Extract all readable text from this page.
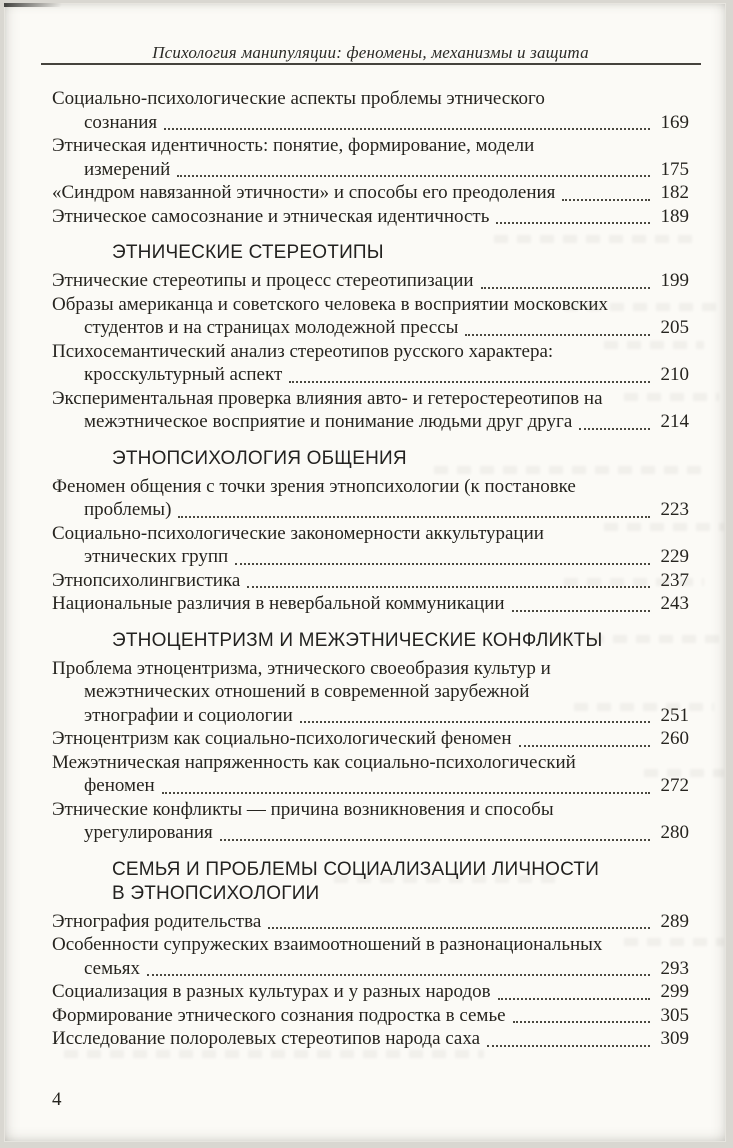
Психология манипуляции: феномены, механизмы и защита
Социально-психологические аспекты проблемы этнического
сознания	169
Этническая идентичность: понятие, формирование, модели
измерений	175
«Синдром навязанной этичности» и способы его преодоления	182
Этническое самосознание и этническая идентичность	189
ЭТНИЧЕСКИЕ СТЕРЕОТИПЫ
Этнические стереотипы и процесс стереотипизации	199
Образы американца и советского человека в восприятии московских
студентов и на страницах молодежной прессы	205
Психосемантический анализ стереотипов русского характера:
кросскультурный аспект	210
Экспериментальная проверка влияния авто- и гетеростереотипов на
межэтническое восприятие и понимание людьми друг друга	214
ЭТНОПСИХОЛОГИЯ ОБЩЕНИЯ
Феномен общения с точки зрения этнопсихологии (к постановке
проблемы)	223
Социально-психологические закономерности аккультурации
этнических групп	229
Этнопсихолингвистика	237
Национальные различия в невербальной коммуникации	243
ЭТНОЦЕНТРИЗМ И МЕЖЭТНИЧЕСКИЕ КОНФЛИКТЫ
Проблема этноцентризма, этнического своеобразия культур и
межэтнических отношений в современной зарубежной
этнографии и социологии	251
Этноцентризм как социально-психологический феномен	260
Межэтническая напряженность как социально-психологический
феномен	272
Этнические конфликты — причина возникновения и способы
урегулирования	280
СЕМЬЯ И ПРОБЛЕМЫ СОЦИАЛИЗАЦИИ ЛИЧНОСТИ
В ЭТНОПСИХОЛОГИИ
Этнография родительства	289
Особенности супружеских взаимоотношений в разнонациональных
семьях	293
Социализация в разных культурах и у разных народов	299
Формирование этнического сознания подростка в семье	305
Исследование полоролевых стереотипов народа саха	309
4
